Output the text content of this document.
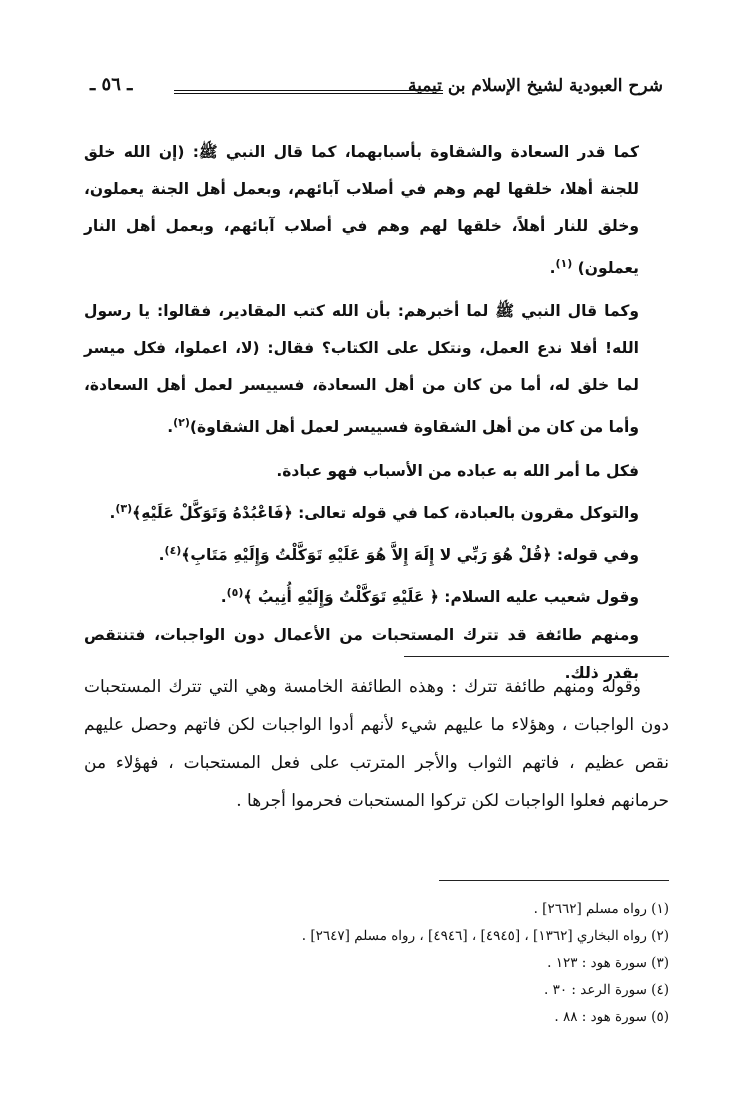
شرح العبودية لشيخ الإسلام بن تيمية
ـ ٥٦ ـ

كما قدر السعادة والشقاوة بأسبابهما، كما قال النبي ﷺ: (إن الله خلق للجنة أهلا، خلقها لهم وهم في أصلاب آبائهم، وبعمل أهل الجنة يعملون، وخلق للنار أهلاً، خلقها لهم وهم في أصلاب آبائهم، وبعمل أهل النار يعملون) $^{(١)}$.

وكما قال النبي ﷺ لما أخبرهم: بأن الله كتب المقادير، فقالوا: يا رسول الله! أفلا ندع العمل، ونتكل على الكتاب؟ فقال: (لا، اعملوا، فكل ميسر لما خلق له، أما من كان من أهل السعادة، فسييسر لعمل أهل السعادة، وأما من كان من أهل الشقاوة فسييسر لعمل أهل الشقاوة)$^{(٢)}$.

فكل ما أمر الله به عباده من الأسباب فهو عبادة.

والتوكل مقرون بالعبادة، كما في قوله تعالى: ﴿فَاعْبُدْهُ وَتَوَكَّلْ عَلَيْهِ﴾$^{(٣)}$.

وفي قوله: ﴿قُلْ هُوَ رَبِّي لا إِلَهَ إِلاَّ هُوَ عَلَيْهِ تَوَكَّلْتُ وَإِلَيْهِ مَتَابِ﴾$^{(٤)}$.

وقول شعيب عليه السلام: ﴿ عَلَيْهِ تَوَكَّلْتُ وَإِلَيْهِ أُنِيبُ ﴾$^{(٥)}$.

ومنهم طائفة قد تترك المستحبات من الأعمال دون الواجبات، فتنتقص بقدر ذلك.

وقوله ومنهم طائفة تترك : وهذه الطائفة الخامسة وهي التي تترك المستحبات دون الواجبات ، وهؤلاء ما عليهم شيء لأنهم أدوا الواجبات لكن فاتهم وحصل عليهم نقص عظيم ، فاتهم الثواب والأجر المترتب على فعل المستحبات ، فهؤلاء من حرمانهم فعلوا الواجبات لكن تركوا المستحبات فحرموا أجرها .

(١) رواه مسلم [٢٦٦٢] .
(٢) رواه البخاري [١٣٦٢] ، [٤٩٤٥] ، [٤٩٤٦] ، رواه مسلم [٢٦٤٧] .
(٣) سورة هود : ١٢٣ .
(٤) سورة الرعد : ٣٠ .
(٥) سورة هود : ٨٨ .
